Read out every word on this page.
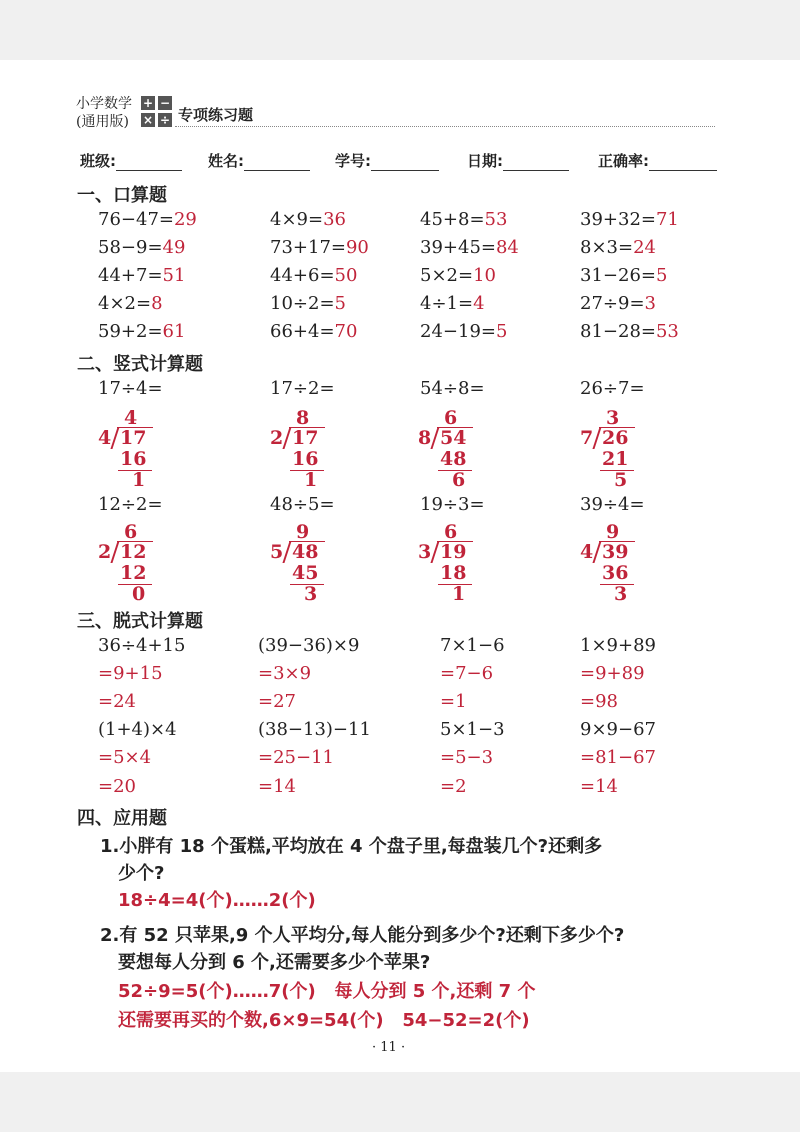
小学数学
(通用版)
+ −
× ÷ 专项练习题
班级:	姓名:	学号:	日期:	正确率:
一、口算题
76−47=29	4×9=36	45+8=53	39+32=71
58−9=49	73+17=90	39+45=84	8×3=24
44+7=51	44+6=50	5×2=10	31−26=5
4×2=8	10÷2=5	4÷1=4	27÷9=3
59+2=61	66+4=70	24−19=5	81−28=53
二、竖式计算题
17÷4=
4
4 17
16
1
17÷2=
8
2 17
16
1
54÷8=
6
8 54
48
6
26÷7=
3
7 26
21
5
12÷2=
6
2 12
12
0
48÷5=
9
5 48
45
3
19÷3=
6
3 19
18
1
39÷4=
9
4 39
36
3
三、脱式计算题
36÷4+15
=9+15
=24
(39−36)×9
=3×9
=27
7×1−6
=7−6
=1
1×9+89
=9+89
=98
(1+4)×4
=5×4
=20
(38−13)−11
=25−11
=14
5×1−3
=5−3
=2
9×9−67
=81−67
=14
四、应用题
1.小胖有 18 个蛋糕,平均放在 4 个盘子里,每盘装几个?还剩多
少个?
18÷4=4(个)……2(个)
2.有 52 只苹果,9 个人平均分,每人能分到多少个?还剩下多少个?
要想每人分到 6 个,还需要多少个苹果?
52÷9=5(个)……7(个)   每人分到 5 个,还剩 7 个
还需要再买的个数,6×9=54(个)   54−52=2(个)
· 11 ·
